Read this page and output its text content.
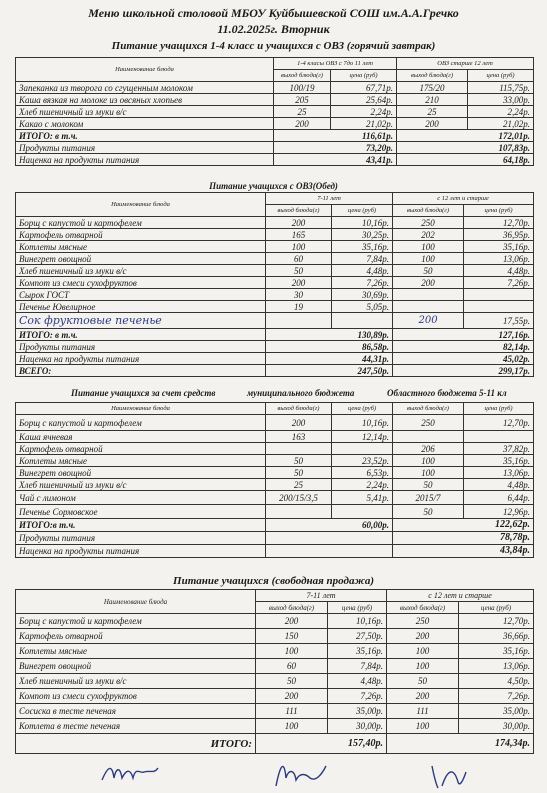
Меню школьной столовой МБОУ Куйбышевской СОШ им.А.А.Гречко
11.02.2025г. Вторник
Питание учащихся 1-4 класс и учащихся с ОВЗ (горячий завтрак)
Наименование блюда	1-4 класы ОВЗ с 7до 11 лет		ОВЗ старше 12 лет	
	выход блюда(г)	цена (руб)	выход блюда(г)	цена (руб)
Запеканка из творога со сгущенным молоком	100/19	67,71р.	175/20	115,75р.
Каша вязкая на молоке из овсяных хлопьев	205	25,64р.	210	33,00р.
Хлеб пшеничный из муки в/с	25	2,24р.	25	2,24р.
Какао с молоком	200	21,02р.	200	21,02р.
ИТОГО: в т.ч.	116,61р.		172,01р.	
Продукты питания	73,20р.		107,83р.	
Наценка на продукты питания	43,41р.		64,18р.	
Питание учащихся с ОВЗ(Обед)
Наименование блюда	7-11 лет		с 12 лет и старше	
	выход блюда(г)	цена (руб)	выход блюда(г)	цена (руб)
Борщ с капустой и картофелем	200	10,16р.	250	12,70р.
Картофель отварной	165	30,25р.	202	36,95р.
Котлеты мясные	100	35,16р.	100	35,16р.
Винегрет овощной	60	7,84р.	100	13,06р.
Хлеб пшеничный из муки в/с	50	4,48р.	50	4,48р.
Компот из смеси сухофруктов	200	7,26р.	200	7,26р.
Сырок ГОСТ	30	30,69р.		
Печенье Ювелирное	19	5,05р.		
Сок фруктовые печенье			200	17,55р.
ИТОГО: в т.ч.	130,89р.		127,16р.	
Продукты питания	86,58р.		82,14р.	
Наценка на продукты питания	44,31р.		45,02р.	
ВСЕГО:	247,50р.		299,17р.	
Питание учащихся за счет средств	муниципального бюджета	Областного бюджета 5-11 кл
Наименование блюда	выход блюда(г)	цена (руб)	выход блюда(г)	цена (руб)
Борщ с капустой и картофелем	200	10,16р.	250	12,70р.
Каша ячневая	163	12,14р.		
Картофель отварной			206	37,82р.
Котлеты мясные	50	23,52р.	100	35,16р.
Винегрет овощной	50	6,53р.	100	13,06р.
Хлеб пшеничный из муки в/с	25	2,24р.	50	4,48р.
Чай с лимоном	200/15/3,5	5,41р.	2015/7	6,44р.
Печенье Сормовское			50	12,96р.
ИТОГО:в т.ч.	60,00р.		122,62р.	
Продукты питания			78,78р.	
Наценка на продукты питания			43,84р.	
Питание учащихся (свободная продажа)
Наименование блюда	7-11 лет		с 12 лет и старше	
	выход блюда(г)	цена (руб)	выход блюда(г)	цена (руб)
Борщ с капустой и картофелем	200	10,16р.	250	12,70р.
Картофель отварной	150	27,50р.	200	36,66р.
Котлеты мясные	100	35,16р.	100	35,16р.
Винегрет овощной	60	7,84р.	100	13,06р.
Хлеб пшеничный из муки в/с	50	4,48р.	50	4,50р.
Компот из смеси сухофруктов	200	7,26р.	200	7,26р.
Сосиска в тесте печеная	111	35,00р.	111	35,00р.
Котлета в тесте печеная	100	30,00р.	100	30,00р.
ИТОГО:	157,40р.		174,34р.	
